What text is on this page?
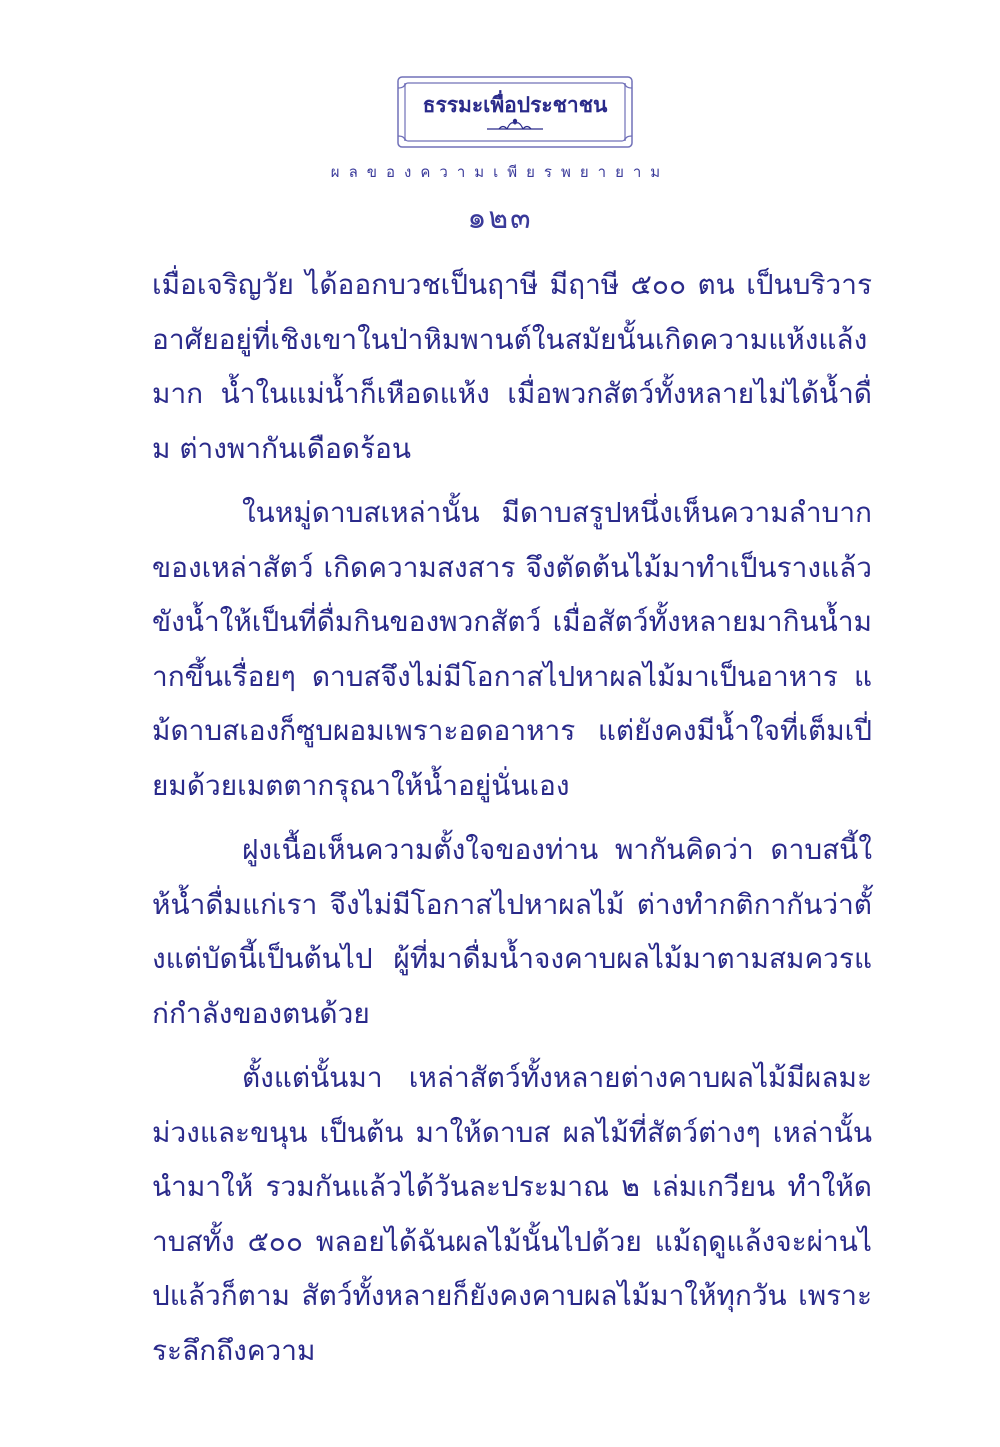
ธรรมะเพื่อประชาชน
ผลของความเพียรพยายาม
๑๒๓

เมื่อเจริญวัย ได้ออกบวชเป็นฤาษี มีฤาษี ๕๐๐ ตน เป็นบริวาร อาศัยอยู่ที่เชิงเขาในป่าหิมพานต์ในสมัยนั้นเกิดความแห้งแล้งมาก น้ำในแม่น้ำก็เหือดแห้ง เมื่อพวกสัตว์ทั้งหลายไม่ได้น้ำดื่ม ต่างพากันเดือดร้อน

ในหมู่ดาบสเหล่านั้น มีดาบสรูปหนึ่งเห็นความลำบากของเหล่าสัตว์ เกิดความสงสาร จึงตัดต้นไม้มาทำเป็นรางแล้วขังน้ำให้เป็นที่ดื่มกินของพวกสัตว์ เมื่อสัตว์ทั้งหลายมากินน้ำมากขึ้นเรื่อยๆ ดาบสจึงไม่มีโอกาสไปหาผลไม้มาเป็นอาหาร แม้ดาบสเองก็ซูบผอมเพราะอดอาหาร แต่ยังคงมีน้ำใจที่เต็มเปี่ยมด้วยเมตตากรุณาให้น้ำอยู่นั่นเอง

ฝูงเนื้อเห็นความตั้งใจของท่าน พากันคิดว่า ดาบสนี้ให้น้ำดื่มแก่เรา จึงไม่มีโอกาสไปหาผลไม้ ต่างทำกติกากันว่าตั้งแต่บัดนี้เป็นต้นไป ผู้ที่มาดื่มน้ำจงคาบผลไม้มาตามสมควรแก่กำลังของตนด้วย

ตั้งแต่นั้นมา เหล่าสัตว์ทั้งหลายต่างคาบผลไม้มีผลมะม่วงและขนุน เป็นต้น มาให้ดาบส ผลไม้ที่สัตว์ต่างๆ เหล่านั้นนำมาให้ รวมกันแล้วได้วันละประมาณ ๒ เล่มเกวียน ทำให้ดาบสทั้ง ๕๐๐ พลอยได้ฉันผลไม้นั้นไปด้วย แม้ฤดูแล้งจะผ่านไปแล้วก็ตาม สัตว์ทั้งหลายก็ยังคงคาบผลไม้มาให้ทุกวัน เพราะระลึกถึงความ
